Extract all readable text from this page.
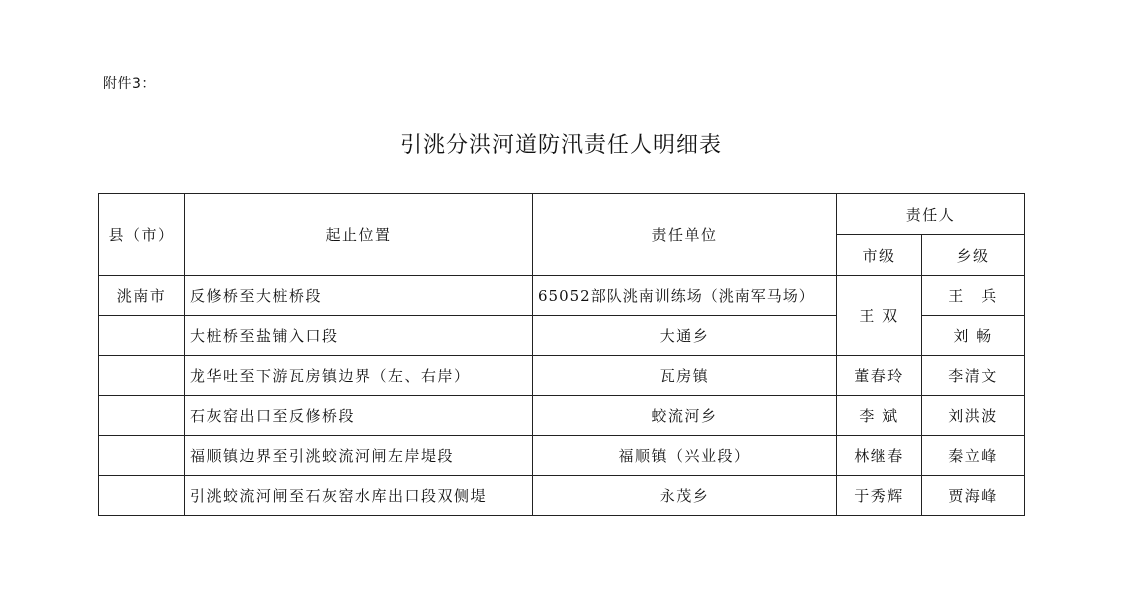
附件3：
引洮分洪河道防汛责任人明细表
县（市）	起止位置	责任单位	责任人	
			市级	乡级
洮南市	反修桥至大桩桥段	65052部队洮南训练场（洮南军马场）	王 双	王　兵
	大桩桥至盐铺入口段	大通乡		刘 畅
	龙华吐至下游瓦房镇边界（左、右岸）	瓦房镇	董春玲	李清文
	石灰窑出口至反修桥段	蛟流河乡	李 斌	刘洪波
	福顺镇边界至引洮蛟流河闸左岸堤段	福顺镇（兴业段）	林继春	秦立峰
	引洮蛟流河闸至石灰窑水库出口段双侧堤	永茂乡	于秀辉	贾海峰
